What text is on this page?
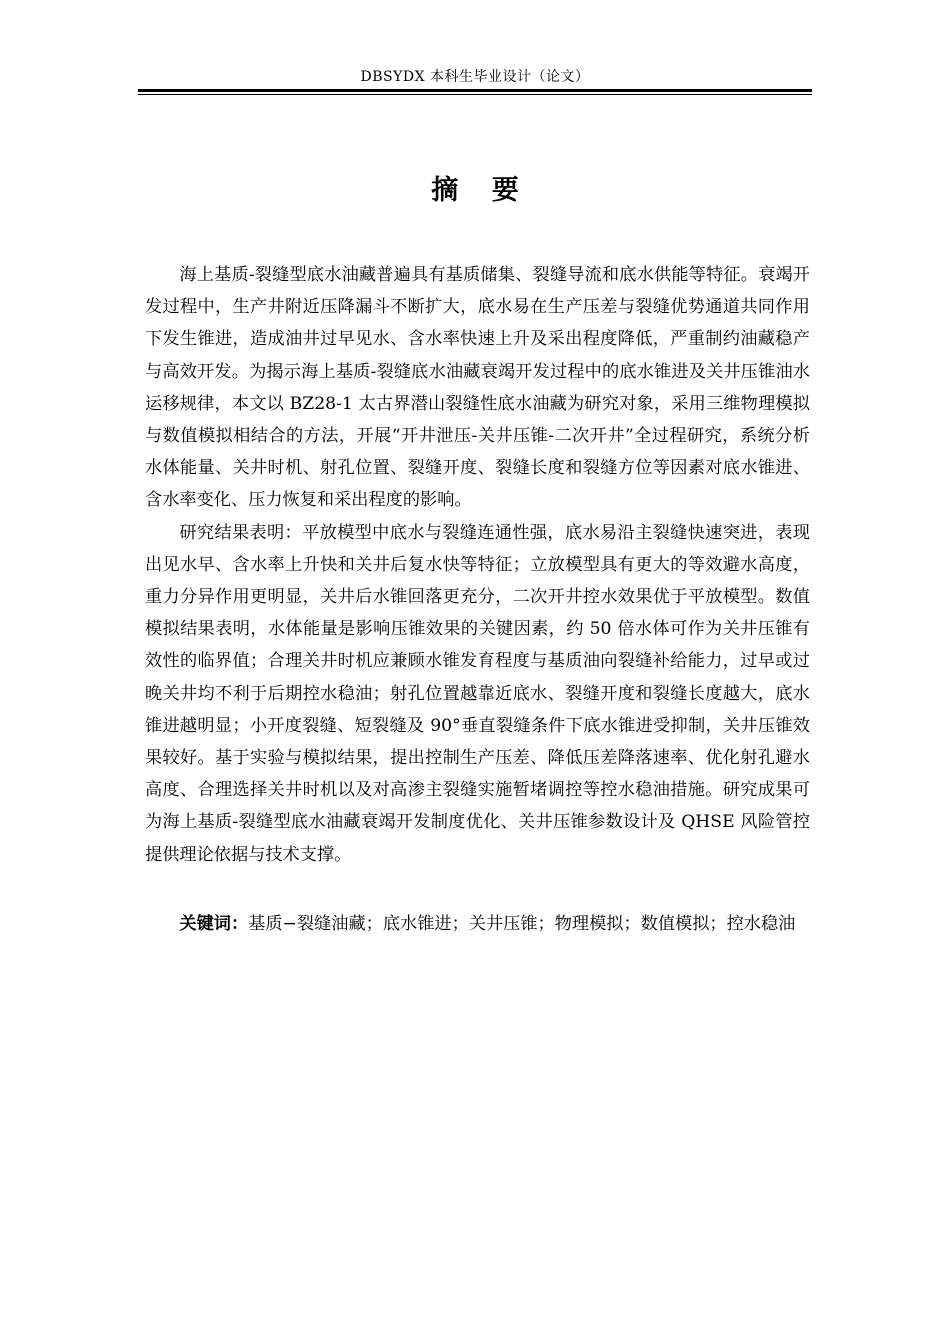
DBSYDX 本科生毕业设计（论文）
摘 要

海上基质-裂缝型底水油藏普遍具有基质储集、裂缝导流和底水供能等特征。衰竭开发过程中，生产井附近压降漏斗不断扩大，底水易在生产压差与裂缝优势通道共同作用下发生锥进，造成油井过早见水、含水率快速上升及采出程度降低，严重制约油藏稳产与高效开发。为揭示海上基质-裂缝底水油藏衰竭开发过程中的底水锥进及关井压锥油水运移规律，本文以 BZ28-1 太古界潜山裂缝性底水油藏为研究对象，采用三维物理模拟与数值模拟相结合的方法，开展“开井泄压-关井压锥-二次开井”全过程研究，系统分析水体能量、关井时机、射孔位置、裂缝开度、裂缝长度和裂缝方位等因素对底水锥进、含水率变化、压力恢复和采出程度的影响。

研究结果表明：平放模型中底水与裂缝连通性强，底水易沿主裂缝快速突进，表现出见水早、含水率上升快和关井后复水快等特征；立放模型具有更大的等效避水高度，重力分异作用更明显，关井后水锥回落更充分，二次开井控水效果优于平放模型。数值模拟结果表明，水体能量是影响压锥效果的关键因素，约 50 倍水体可作为关井压锥有效性的临界值；合理关井时机应兼顾水锥发育程度与基质油向裂缝补给能力，过早或过晚关井均不利于后期控水稳油；射孔位置越靠近底水、裂缝开度和裂缝长度越大，底水锥进越明显；小开度裂缝、短裂缝及 90°垂直裂缝条件下底水锥进受抑制，关井压锥效果较好。基于实验与模拟结果，提出控制生产压差、降低压差降落速率、优化射孔避水高度、合理选择关井时机以及对高渗主裂缝实施暂堵调控等控水稳油措施。研究成果可为海上基质-裂缝型底水油藏衰竭开发制度优化、关井压锥参数设计及 QHSE 风险管控提供理论依据与技术支撑。

关键词：基质−裂缝油藏；底水锥进；关井压锥；物理模拟；数值模拟；控水稳油
